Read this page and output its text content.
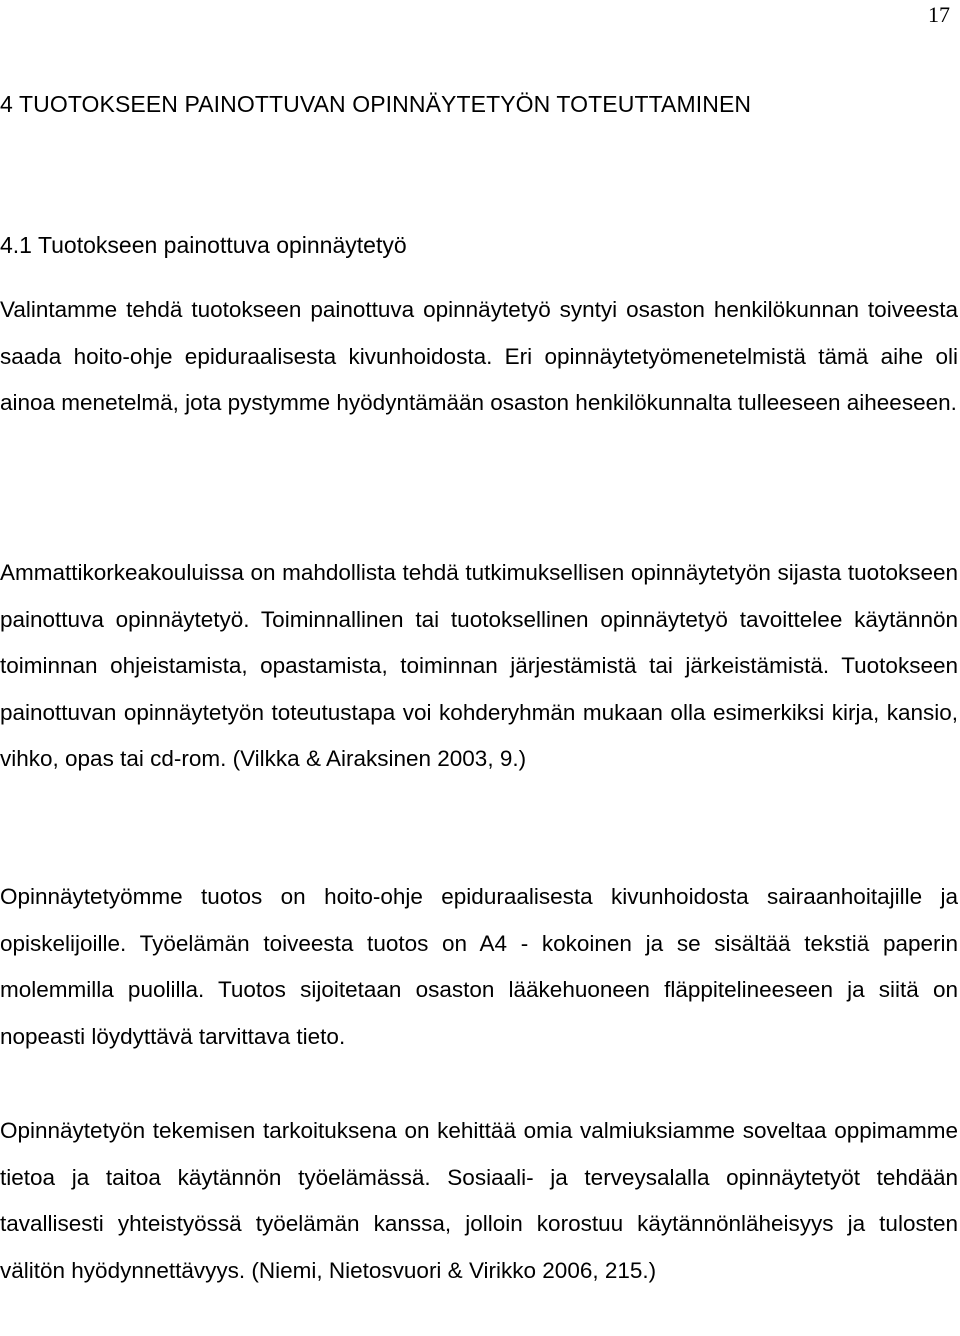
17
4 TUOTOKSEEN PAINOTTUVAN OPINNÄYTETYÖN TOTEUTTAMINEN
4.1 Tuotokseen painottuva opinnäytetyö

Valintamme tehdä tuotokseen painottuva opinnäytetyö syntyi osaston henkilökunnan toiveesta saada hoito-ohje epiduraalisesta kivunhoidosta. Eri opinnäytetyömenetelmistä tämä aihe oli ainoa menetelmä, jota pystymme hyödyntämään osaston henkilökunnalta tulleeseen aiheeseen.

Ammattikorkeakouluissa on mahdollista tehdä tutkimuksellisen opinnäytetyön sijasta tuotokseen painottuva opinnäytetyö. Toiminnallinen tai tuotoksellinen opinnäytetyö tavoittelee käytännön toiminnan ohjeistamista, opastamista, toiminnan järjestämistä tai järkeistämistä. Tuotokseen painottuvan opinnäytetyön toteutustapa voi kohderyhmän mukaan olla esimerkiksi kirja, kansio, vihko, opas tai cd-rom. (Vilkka & Airaksinen 2003, 9.)

Opinnäytetyömme tuotos on hoito-ohje epiduraalisesta kivunhoidosta sairaanhoitajille ja opiskelijoille. Työelämän toiveesta tuotos on A4 - kokoinen ja se sisältää tekstiä paperin molemmilla puolilla. Tuotos sijoitetaan osaston lääkehuoneen fläppitelineeseen ja siitä on nopeasti löydyttävä tarvittava tieto.

Opinnäytetyön tekemisen tarkoituksena on kehittää omia valmiuksiamme soveltaa oppimamme tietoa ja taitoa käytännön työelämässä. Sosiaali- ja terveysalalla opinnäytetyöt tehdään tavallisesti yhteistyössä työelämän kanssa, jolloin korostuu käytännönläheisyys ja tulosten välitön hyödynnettävyys. (Niemi, Nietosvuori & Virikko 2006, 215.)
